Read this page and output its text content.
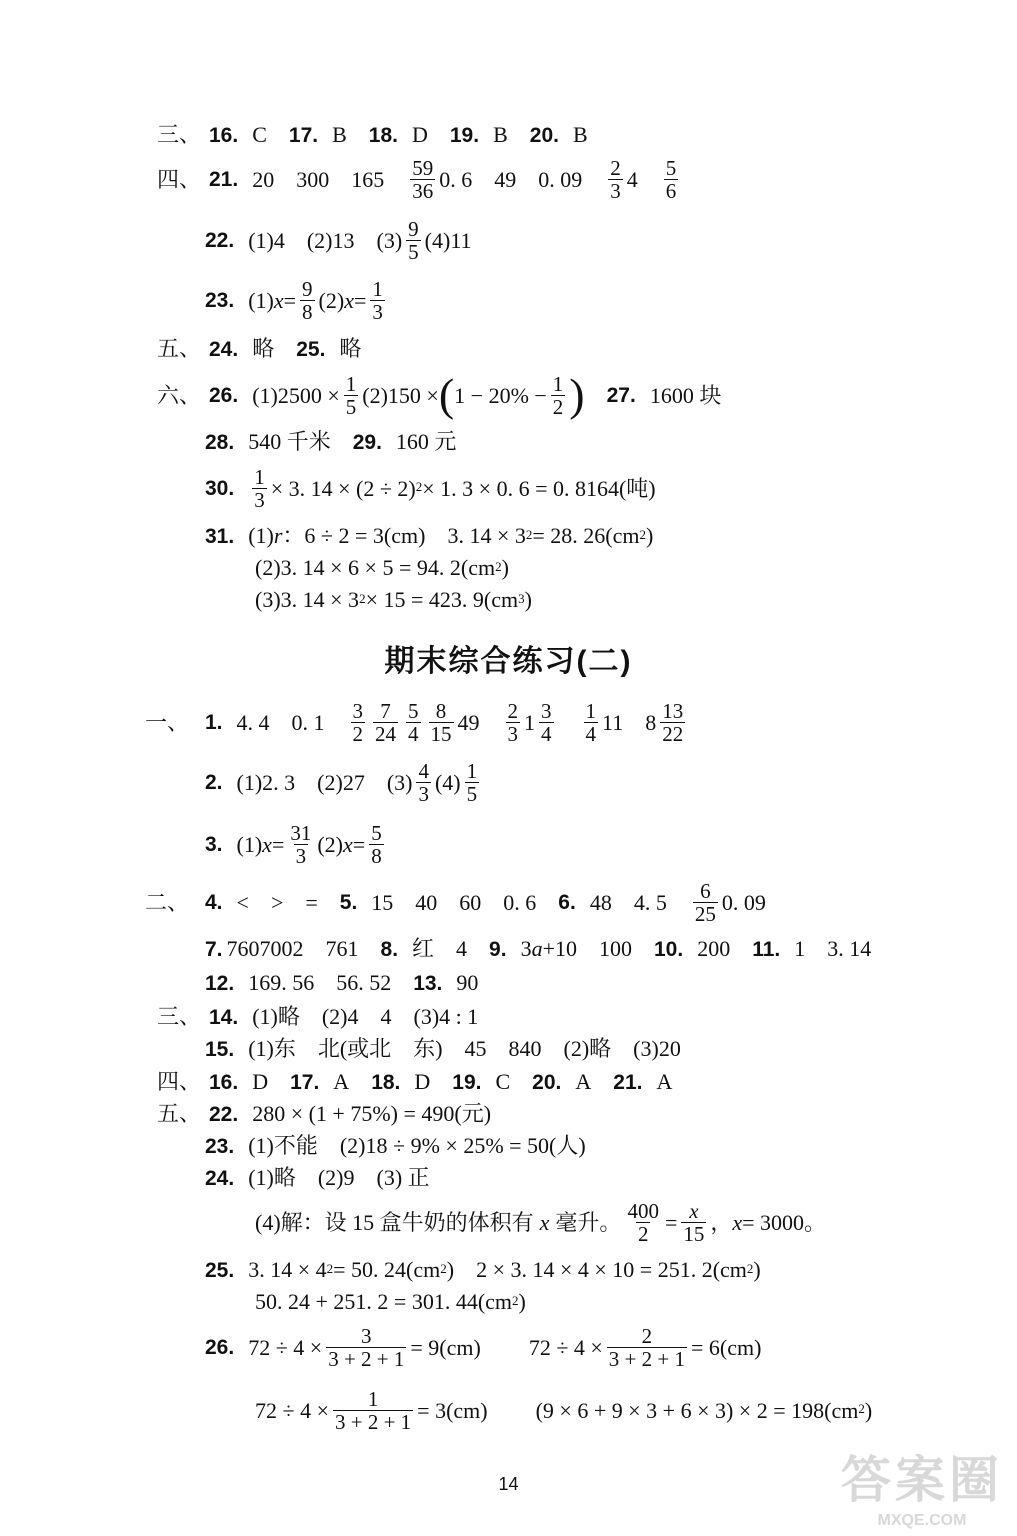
三、 16. C 17. B 18. D 19. B 20. B
四、 21. 20 300 165 59
36 0. 6 49 0. 09 2
3 4 5
6
22. (1)4 (2)13 (3) 9
5 (4)11
23. (1) $x = \frac{9}{8} (2) x = \frac{1}{3}$
五、 24. 略 25. 略
六、 26. $(1)2500 \times \frac{1}{5} (2)150$ × ( $1 - 20\% - \frac{1}{2}$ ) 27. 1600 块
28. 540 千米 29. 160 元
30. $\frac{1}{3} \times 3$. $14 \times (2 \div 2)^2 \times 1$. 3 × 0. 6 = 0. 8164(吨)
31. (1) r ：6 ÷ 2 = 3(cm) 3. $14 \times 3^2 = 28$. $26(cm^2$ )
(2)3. 14 × 6 × 5 = 94. $2(cm^2$ )
(3)3. $14 \times 3^2 \times 15 = 423$. $9(cm^3$ )
期末综合练习(二)
一、 1. 4. 4 0. 1 3
2
7
24
5
4
8
15 49 2
3 1 3
4
1
4 11 8 13
22
2. (1)2. 3 (2)27 (3) 4
3 (4) 1
5
3. (1) $x = \frac{31}{3} (2) x = \frac{5}{8}$
二、 4. < > = 5. 15 40 60 0. 6 6. 48 4. 5 6
25 0. 09
7. 7607002 761 8. 红 4 9. 3 a +10 100 10. 200 11. 1 3. 14
12. 169. 56 56. 52 13. 90
三、 14. (1)略 (2)4 4 (3)4 : 1
15. (1)东 北(或北 东) 45 840 (2)略 (3)20
四、 16. D 17. A 18. D 19. C 20. A 21. A
五、 22. 280 × (1 + 75%) = 490(元)
23. (1)不能 (2)18 ÷ 9% × 25% = 50(人)
24. (1)略 (2)9 (3) 正
(4)解：设 15 盒牛奶的体积有 x 毫升。 $\frac{400}{2} = \frac{x}{15}$ ， x = 3000。
25. 3. $14 \times 4^2 = 50$. $24(cm^2$ ) 2 × 3. 14 × 4 × 10 = 251. $2(cm^2$ )
50. 24 + 251. 2 = 301. $44(cm^2$ )
26. $72 \div 4 \times \frac{3}{3 + 2 + 1} = 9(cm) 72 \div 4 \times \frac{2}{3 + 2 + 1} = 6(cm)$
$72 \div 4 \times \frac{1}{3 + 2 + 1} = 3(cm) (9 \times 6 + 9 \times 3 + 6 \times 3) \times 2 = 198(cm^2$ )
14	答案圈
MXQE.COM
